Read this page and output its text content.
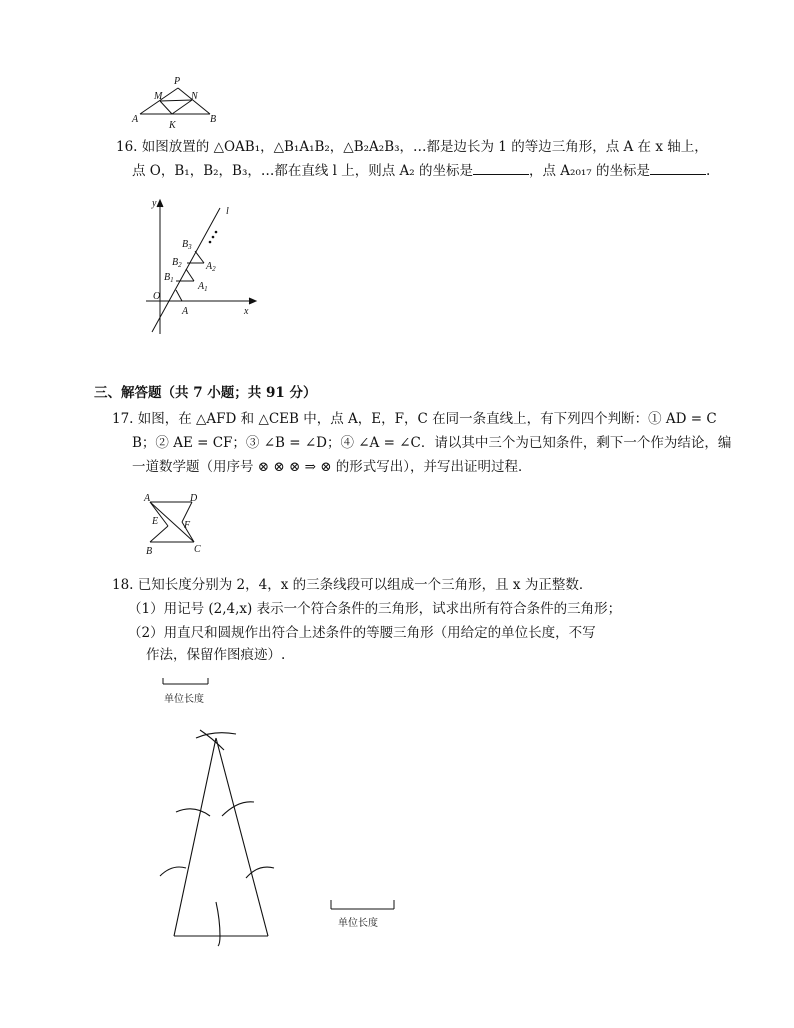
P
M	N
A
K
B
16. 如图放置的 △OAB₁，△B₁A₁B₂，△B₂A₂B₃，…都是边长为 1 的等边三角形，点 A 在 x 轴上，
点 O，B₁，B₂，B₃，…都在直线 l 上，则点 A₂ 的坐标是	，点 A₂₀₁₇ 的坐标是	.
y
l
$B_3$
$B_2$ $A_2$
$B_1$
$A_1$
O
A	x
三、解答题（共 7 小题；共 91 分）
17. 如图，在 △AFD 和 △CEB 中，点 A，E，F，C 在同一条直线上，有下列四个判断：① AD = C
B；② AE = CF；③ ∠B = ∠D；④ ∠A = ∠C．请以其中三个为已知条件，剩下一个作为结论，编
一道数学题（用序号 ⊗ ⊗ ⊗ ⇒ ⊗ 的形式写出），并写出证明过程．
A	D
E	F
B	C
18. 已知长度分别为 2，4，x 的三条线段可以组成一个三角形，且 x 为正整数．
（1）用记号 (2,4,x) 表示一个符合条件的三角形，试求出所有符合条件的三角形；
（2）用直尺和圆规作出符合上述条件的等腰三角形（用给定的单位长度，不写
作法，保留作图痕迹）.
单位长度
单位长度
